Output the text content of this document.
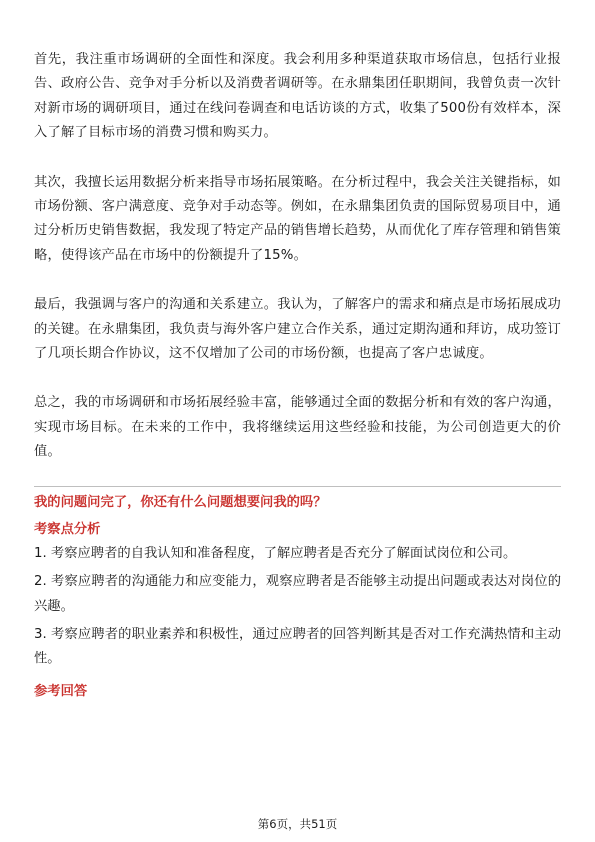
首先，我注重市场调研的全面性和深度。我会利用多种渠道获取市场信息，包括行业报告、政府公告、竞争对手分析以及消费者调研等。在永鼎集团任职期间，我曾负责一次针对新市场的调研项目，通过在线问卷调查和电话访谈的方式，收集了500份有效样本，深入了解了目标市场的消费习惯和购买力。

其次，我擅长运用数据分析来指导市场拓展策略。在分析过程中，我会关注关键指标，如市场份额、客户满意度、竞争对手动态等。例如，在永鼎集团负责的国际贸易项目中，通过分析历史销售数据，我发现了特定产品的销售增长趋势，从而优化了库存管理和销售策略，使得该产品在市场中的份额提升了15%。

最后，我强调与客户的沟通和关系建立。我认为，了解客户的需求和痛点是市场拓展成功的关键。在永鼎集团，我负责与海外客户建立合作关系，通过定期沟通和拜访，成功签订了几项长期合作协议，这不仅增加了公司的市场份额，也提高了客户忠诚度。

总之，我的市场调研和市场拓展经验丰富，能够通过全面的数据分析和有效的客户沟通，实现市场目标。在未来的工作中，我将继续运用这些经验和技能，为公司创造更大的价值。

我的问题问完了，你还有什么问题想要问我的吗？
考察点分析
1. 考察应聘者的自我认知和准备程度，了解应聘者是否充分了解面试岗位和公司。
2. 考察应聘者的沟通能力和应变能力，观察应聘者是否能够主动提出问题或表达对岗位的兴趣。
3. 考察应聘者的职业素养和积极性，通过应聘者的回答判断其是否对工作充满热情和主动性。
参考回答
第6页，共51页
